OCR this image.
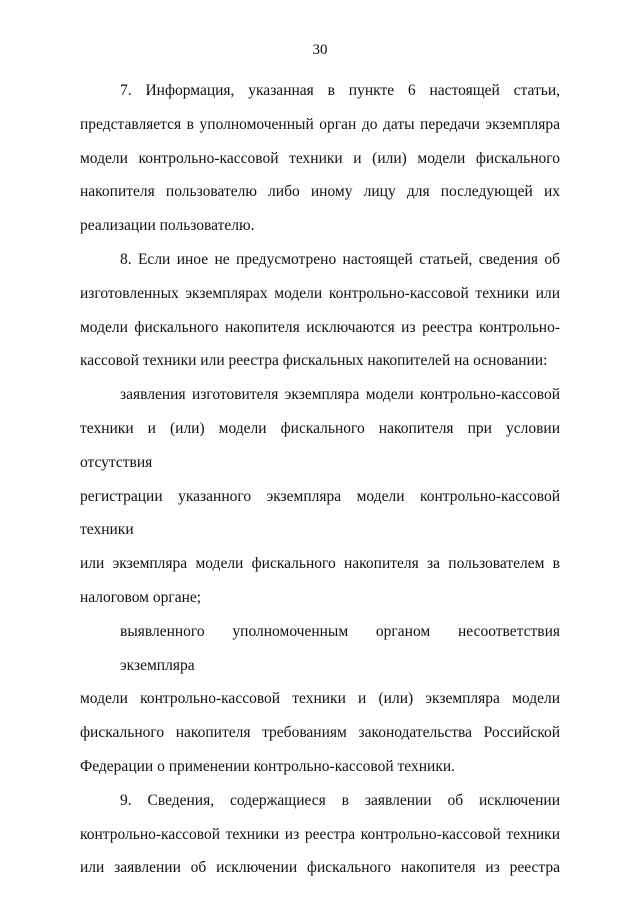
30

7. Информация, указанная в пункте 6 настоящей статьи,
представляется в уполномоченный орган до даты передачи экземпляра
модели контрольно-кассовой техники и (или) модели фискального
накопителя пользователю либо иному лицу для последующей их
реализации пользователю.

8. Если иное не предусмотрено настоящей статьей, сведения об
изготовленных экземплярах модели контрольно-кассовой техники или
модели фискального накопителя исключаются из реестра контрольно-
кассовой техники или реестра фискальных накопителей на основании:

заявления изготовителя экземпляра модели контрольно-кассовой
техники и (или) модели фискального накопителя при условии отсутствия
регистрации указанного экземпляра модели контрольно-кассовой техники
или экземпляра модели фискального накопителя за пользователем в
налоговом органе;

выявленного уполномоченным органом несоответствия экземпляра
модели контрольно-кассовой техники и (или) экземпляра модели
фискального накопителя требованиям законодательства Российской
Федерации о применении контрольно-кассовой техники.

9. Сведения, содержащиеся в заявлении об исключении
контрольно-кассовой техники из реестра контрольно-кассовой техники
или заявлении об исключении фискального накопителя из реестра
